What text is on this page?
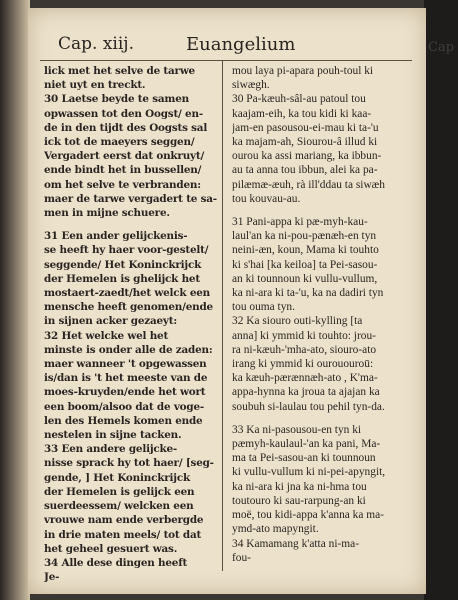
Cap
Cap. xiij.	Euangelium
lick met het selve de tarwe
niet uyt en treckt.
30 Laetse beyde te samen
opwassen tot den Oogst/ en-
de in den tijdt des Oogsts sal
ick tot de maeyers seggen/
Vergadert eerst dat onkruyt/
ende bindt het in bussellen/
om het selve te verbranden:
maer de tarwe vergadert te sa-
men in mijne schuere.
31 Een ander gelijckenis-
se heeft hy haer voor-gestelt/
seggende/ Het Koninckrijck
der Hemelen is ghelijck het
mostaert-zaedt/het welck een
mensche heeft genomen/ende
in sijnen acker gezaeyt:
32 Het welcke wel het
minste is onder alle de zaden:
maer wanneer 't opgewassen
is/dan is 't het meeste van de
moes-kruyden/ende het wort
een boom/alsoo dat de voge-
len des Hemels komen ende
nestelen in sijne tacken.
33 Een andere gelijcke-
nisse sprack hy tot haer/ [seg-
gende, ] Het Koninckrijck
der Hemelen is gelijck een
suerdeessem/ welcken een
vrouwe nam ende verbergde
in drie maten meels/ tot dat
het geheel gesuert was.
34 Alle dese dingen heeft
Je-
mou laya pi-apara pouh-toul ki
siwægh.
30 Pa-kæuh-sâl-au patoul tou
kaajam-eih, ka tou kidi ki kaa-
jam-en pasousou-ei-mau ki ta-'u
ka majam-ah, Siourou-â illud ki
ourou ka assi mariang, ka ibbun-
au ta anna tou ibbun, alei ka pa-
pilæmæ-æuh, rà ill'ddau ta siwæh
tou kouvau-au.
31 Pani-appa ki pæ-myh-kau-
laul'an ka ni-pou-pænæh-en tyn
neini-æn, koun, Mama ki touhto
ki s'hai [ka keiloa] ta Pei-sasou-
an ki tounnoun ki vullu-vullum,
ka ni-ara ki ta-'u, ka na dadiri tyn
tou ouma tyn.
32 Ka siouro outi-kylling [ta
anna] ki ymmid ki touhto: jrou-
ra ni-kæuh-'mha-ato, siouro-ato
irang ki ymmid ki ourououroū:
ka kæuh-pærænnæh-ato , K'ma-
appa-hynna ka jroua ta ajajan ka
soubuh si-laulau tou pehil tyn-da.
33 Ka ni-pasousou-en tyn ki
pæmyh-kaulaul-'an ka pani, Ma-
ma ta Pei-sasou-an ki tounnoun
ki vullu-vullum ki ni-pei-apyngit,
ka ni-ara ki jna ka ni-hma tou
toutouro ki sau-rarpung-an ki
moë, tou kidi-appa k'anna ka ma-
ymd-ato mapyngit.
34 Kamamang k'atta ni-ma-
fou-
